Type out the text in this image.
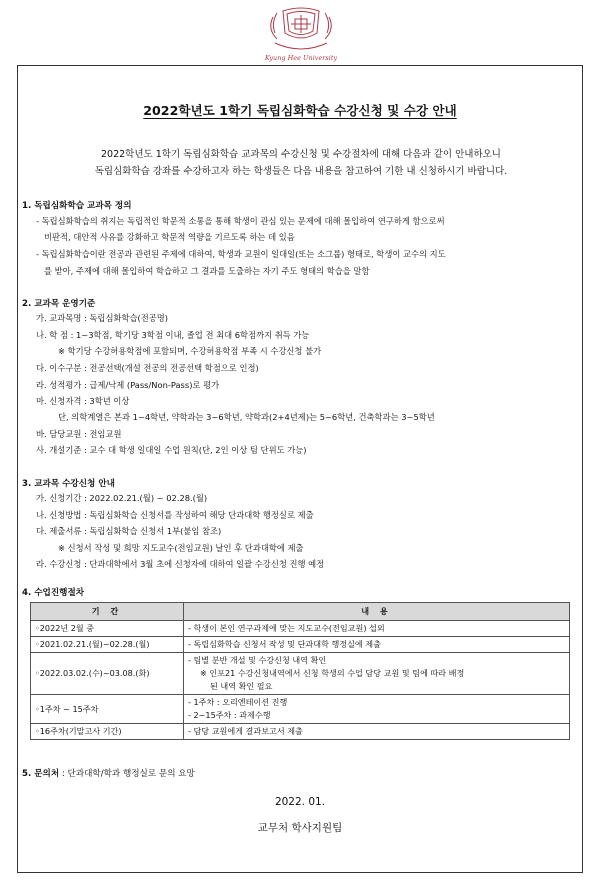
Kyung Hee University
2022학년도 1학기 독립심화학습 수강신청 및 수강 안내
2022학년도 1학기 독립심화학습 교과목의 수강신청 및 수강절차에 대해 다음과 같이 안내하오니
독립심화학습 강좌를 수강하고자 하는 학생들은 다음 내용을 참고하여 기한 내 신청하시기 바랍니다.
1. 독립심화학습 교과목 정의
- 독립심화학습의 취지는 독립적인 학문적 소통을 통해 학생이 관심 있는 문제에 대해 몰입하여 연구하게 함으로써
비판적, 대안적 사유를 강화하고 학문적 역량을 기르도록 하는 데 있음
- 독립심화학습이란 전공과 관련된 주제에 대하여, 학생과 교원이 일대일(또는 소그룹) 형태로, 학생이 교수의 지도
를 받아, 주제에 대해 몰입하여 학습하고 그 결과를 도출하는 자기 주도 형태의 학습을 말함
2. 교과목 운영기준
가. 교과목명 : 독립심화학습(전공명)
나. 학 점 : 1~3학점, 학기당 3학점 이내, 졸업 전 최대 6학점까지 취득 가능
※ 학기당 수강허용학점에 포함되며, 수강허용학점 부족 시 수강신청 불가
다. 이수구분 : 전공선택(개설 전공의 전공선택 학점으로 인정)
라. 성적평가 : 급제/낙제 (Pass/Non-Pass)로 평가
마. 신청자격 : 3학년 이상
단, 의학계열은 본과 1~4학년, 약학과는 3~6학년, 약학과(2+4년제)는 5~6학년, 건축학과는 3~5학년
바. 담당교원 : 전임교원
사. 개설기준 : 교수 대 학생 일대일 수업 원칙(단, 2인 이상 팀 단위도 가능)
3. 교과목 수강신청 안내
가. 신청기간 : 2022.02.21.(월) ~ 02.28.(월)
나. 신청방법 : 독립심화학습 신청서를 작성하여 해당 단과대학 행정실로 제출
다. 제출서류 : 독립심화학습 신청서 1부(붙임 참조)
※ 신청서 작성 및 희망 지도교수(전임교원) 날인 후 단과대학에 제출
라. 수강신청 : 단과대학에서 3월 초에 신청자에 대하여 일괄 수강신청 진행 예정
4. 수업진행절차
기 간	내 용
◦2022년 2월 중	- 학생이 본인 연구과제에 맞는 지도교수(전임교원) 섭외

◦2021.02.21.(월)~02.28.(월)	- 독립심화학습 신청서 작성 및 단과대학 행정실에 제출

◦2022.03.02.(수)~03.08.(화)	- 팀별 분반 개설 및 수강신청 내역 확인
※ 인포21 수강신청내역에서 신청 학생의 수업 담당 교원 및 팀에 따라 배정
된 내역 확인 필요

◦1주차 ~ 15주차	- 1주차 : 오리엔테이션 진행
- 2~15주차 : 과제수행

◦16주차(기말고사 기간)	- 담당 교원에게 결과보고서 제출
5. 문의처 : 단과대학/학과 행정실로 문의 요망
2022. 01.
교무처 학사지원팀
